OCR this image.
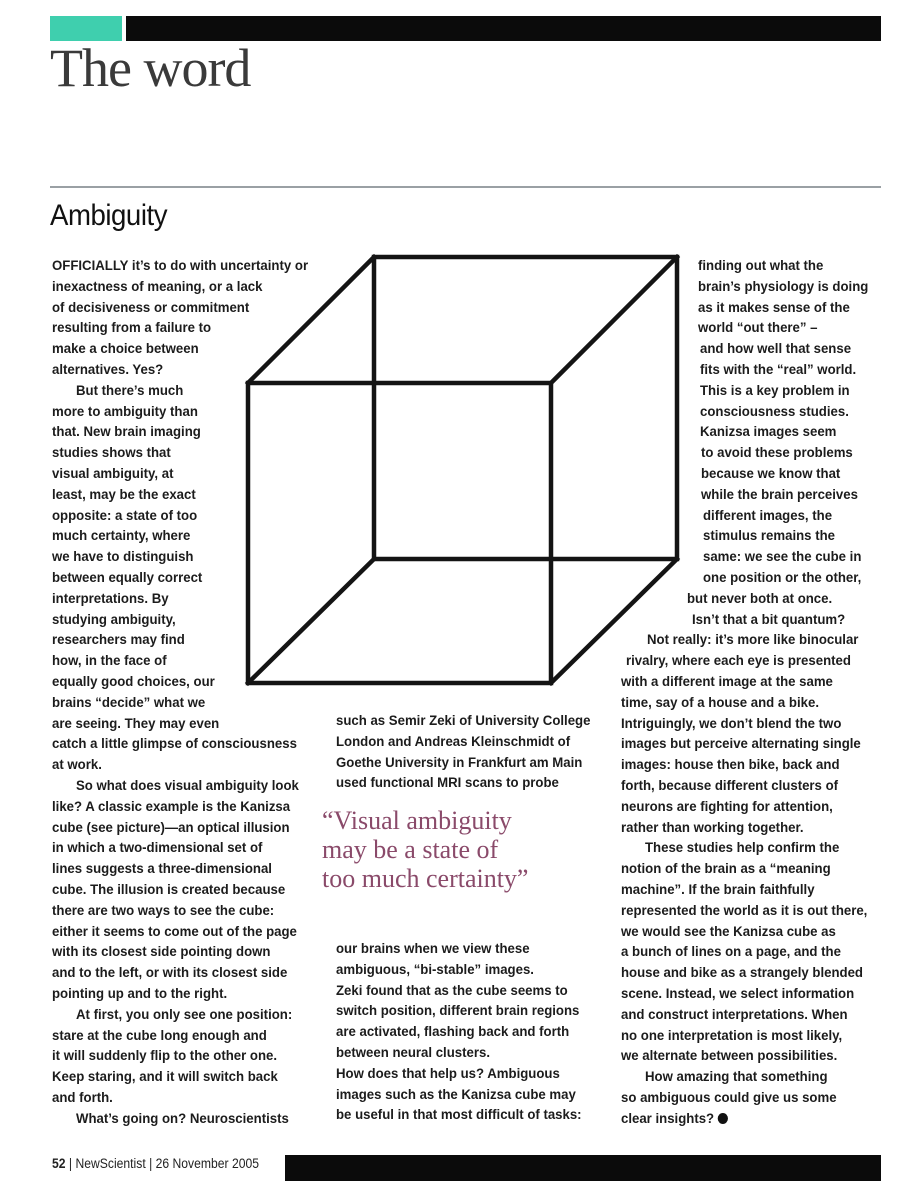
The word
Ambiguity
OFFICIALLY it’s to do with uncertainty or
inexactness of meaning, or a lack
of decisiveness or commitment
resulting from a failure to
make a choice between
alternatives. Yes?
But there’s much
more to ambiguity than
that. New brain imaging
studies shows that
visual ambiguity, at
least, may be the exact
opposite: a state of too
much certainty, where
we have to distinguish
between equally correct
interpretations. By
studying ambiguity,
researchers may find
how, in the face of
equally good choices, our
brains “decide” what we
are seeing. They may even
catch a little glimpse of consciousness
at work.
So what does visual ambiguity look
like? A classic example is the Kanizsa
cube (see picture)—an optical illusion
in which a two-dimensional set of
lines suggests a three-dimensional
cube. The illusion is created because
there are two ways to see the cube:
either it seems to come out of the page
with its closest side pointing down
and to the left, or with its closest side
pointing up and to the right.
At first, you only see one position:
stare at the cube long enough and
it will suddenly flip to the other one.
Keep staring, and it will switch back
and forth.
What’s going on? Neuroscientists
such as Semir Zeki of University College
London and Andreas Kleinschmidt of
Goethe University in Frankfurt am Main
used functional MRI scans to probe
“Visual ambiguity
may be a state of
too much certainty”
our brains when we view these
ambiguous, “bi-stable” images.
Zeki found that as the cube seems to
switch position, different brain regions
are activated, flashing back and forth
between neural clusters.
How does that help us? Ambiguous
images such as the Kanizsa cube may
be useful in that most difficult of tasks:
finding out what the
brain’s physiology is doing
as it makes sense of the
world “out there” –
and how well that sense
fits with the “real” world.
This is a key problem in
consciousness studies.
Kanizsa images seem
to avoid these problems
because we know that
while the brain perceives
different images, the
stimulus remains the
same: we see the cube in
one position or the other,
but never both at once.
Isn’t that a bit quantum?
Not really: it’s more like binocular
rivalry, where each eye is presented
with a different image at the same
time, say of a house and a bike.
Intriguingly, we don’t blend the two
images but perceive alternating single
images: house then bike, back and
forth, because different clusters of
neurons are fighting for attention,
rather than working together.
These studies help confirm the
notion of the brain as a “meaning
machine”. If the brain faithfully
represented the world as it is out there,
we would see the Kanizsa cube as
a bunch of lines on a page, and the
house and bike as a strangely blended
scene. Instead, we select information
and construct interpretations. When
no one interpretation is most likely,
we alternate between possibilities.
How amazing that something
so ambiguous could give us some
clear insights?
52 | NewScientist | 26 November 2005
